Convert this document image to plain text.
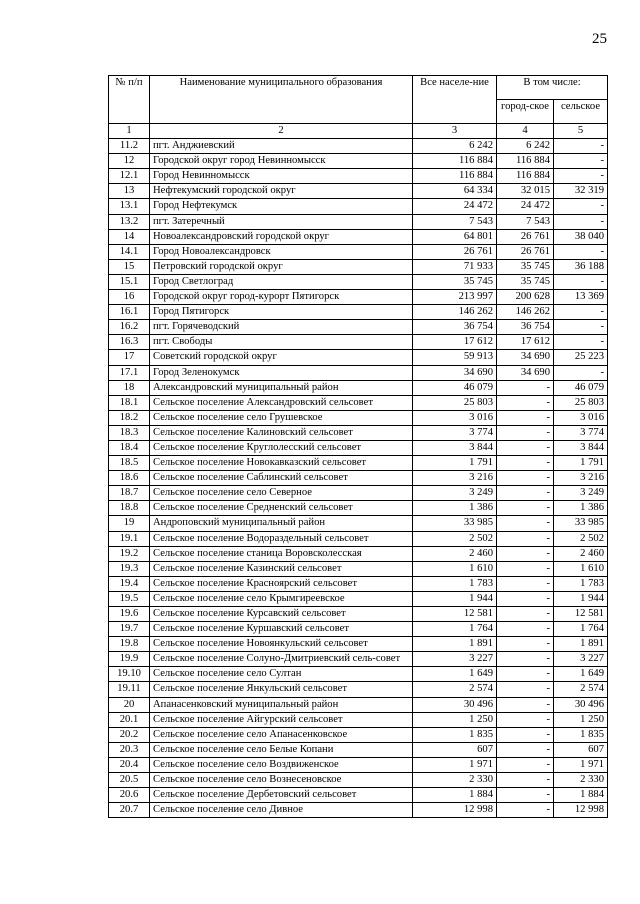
25
№ п/п	Наименование муниципального образования	Все населе-ние	В том числе:	
			город-ское	сельское
1	2	3	4	5
11.2	пгт. Анджиевский	6 242	6 242	-
12	Городской округ город Невинномысск	116 884	116 884	-
12.1	Город Невинномысск	116 884	116 884	-
13	Нефтекумский городской округ	64 334	32 015	32 319
13.1	Город Нефтекумск	24 472	24 472	-
13.2	пгт. Затеречный	7 543	7 543	-
14	Новоалександровский городской округ	64 801	26 761	38 040
14.1	Город Новоалександровск	26 761	26 761	-
15	Петровский городской округ	71 933	35 745	36 188
15.1	Город Светлоград	35 745	35 745	-
16	Городской округ город-курорт Пятигорск	213 997	200 628	13 369
16.1	Город Пятигорск	146 262	146 262	-
16.2	пгт. Горячеводский	36 754	36 754	-
16.3	пгт. Свободы	17 612	17 612	-
17	Советский городской округ	59 913	34 690	25 223
17.1	Город Зеленокумск	34 690	34 690	-
18	Александровский муниципальный район	46 079	-	46 079
18.1	Сельское поселение Александровский сельсовет	25 803	-	25 803
18.2	Сельское поселение село Грушевское	3 016	-	3 016
18.3	Сельское поселение Калиновский сельсовет	3 774	-	3 774
18.4	Сельское поселение Круглолесский сельсовет	3 844	-	3 844
18.5	Сельское поселение Новокавказский сельсовет	1 791	-	1 791
18.6	Сельское поселение Саблинский сельсовет	3 216	-	3 216
18.7	Сельское поселение село Северное	3 249	-	3 249
18.8	Сельское поселение Средненский сельсовет	1 386	-	1 386
19	Андроповский муниципальный район	33 985	-	33 985
19.1	Сельское поселение Водораздельный сельсовет	2 502	-	2 502
19.2	Сельское поселение станица Воровсколесская	2 460	-	2 460
19.3	Сельское поселение Казинский сельсовет	1 610	-	1 610
19.4	Сельское поселение Красноярский сельсовет	1 783	-	1 783
19.5	Сельское поселение село Крымгиреевское	1 944	-	1 944
19.6	Сельское поселение Курсавский сельсовет	12 581	-	12 581
19.7	Сельское поселение Куршавский сельсовет	1 764	-	1 764
19.8	Сельское поселение Новоянкульский сельсовет	1 891	-	1 891
19.9	Сельское поселение Солуно-Дмитриевский сель-совет	3 227	-	3 227
19.10	Сельское поселение село Султан	1 649	-	1 649
19.11	Сельское поселение Янкульский сельсовет	2 574	-	2 574
20	Апанасенковский муниципальный район	30 496	-	30 496
20.1	Сельское поселение Айгурский сельсовет	1 250	-	1 250
20.2	Сельское поселение село Апанасенковское	1 835	-	1 835
20.3	Сельское поселение село Белые Копани	607	-	607
20.4	Сельское поселение село Воздвиженское	1 971	-	1 971
20.5	Сельское поселение село Вознесеновское	2 330	-	2 330
20.6	Сельское поселение Дербетовский сельсовет	1 884	-	1 884
20.7	Сельское поселение село Дивное	12 998	-	12 998
